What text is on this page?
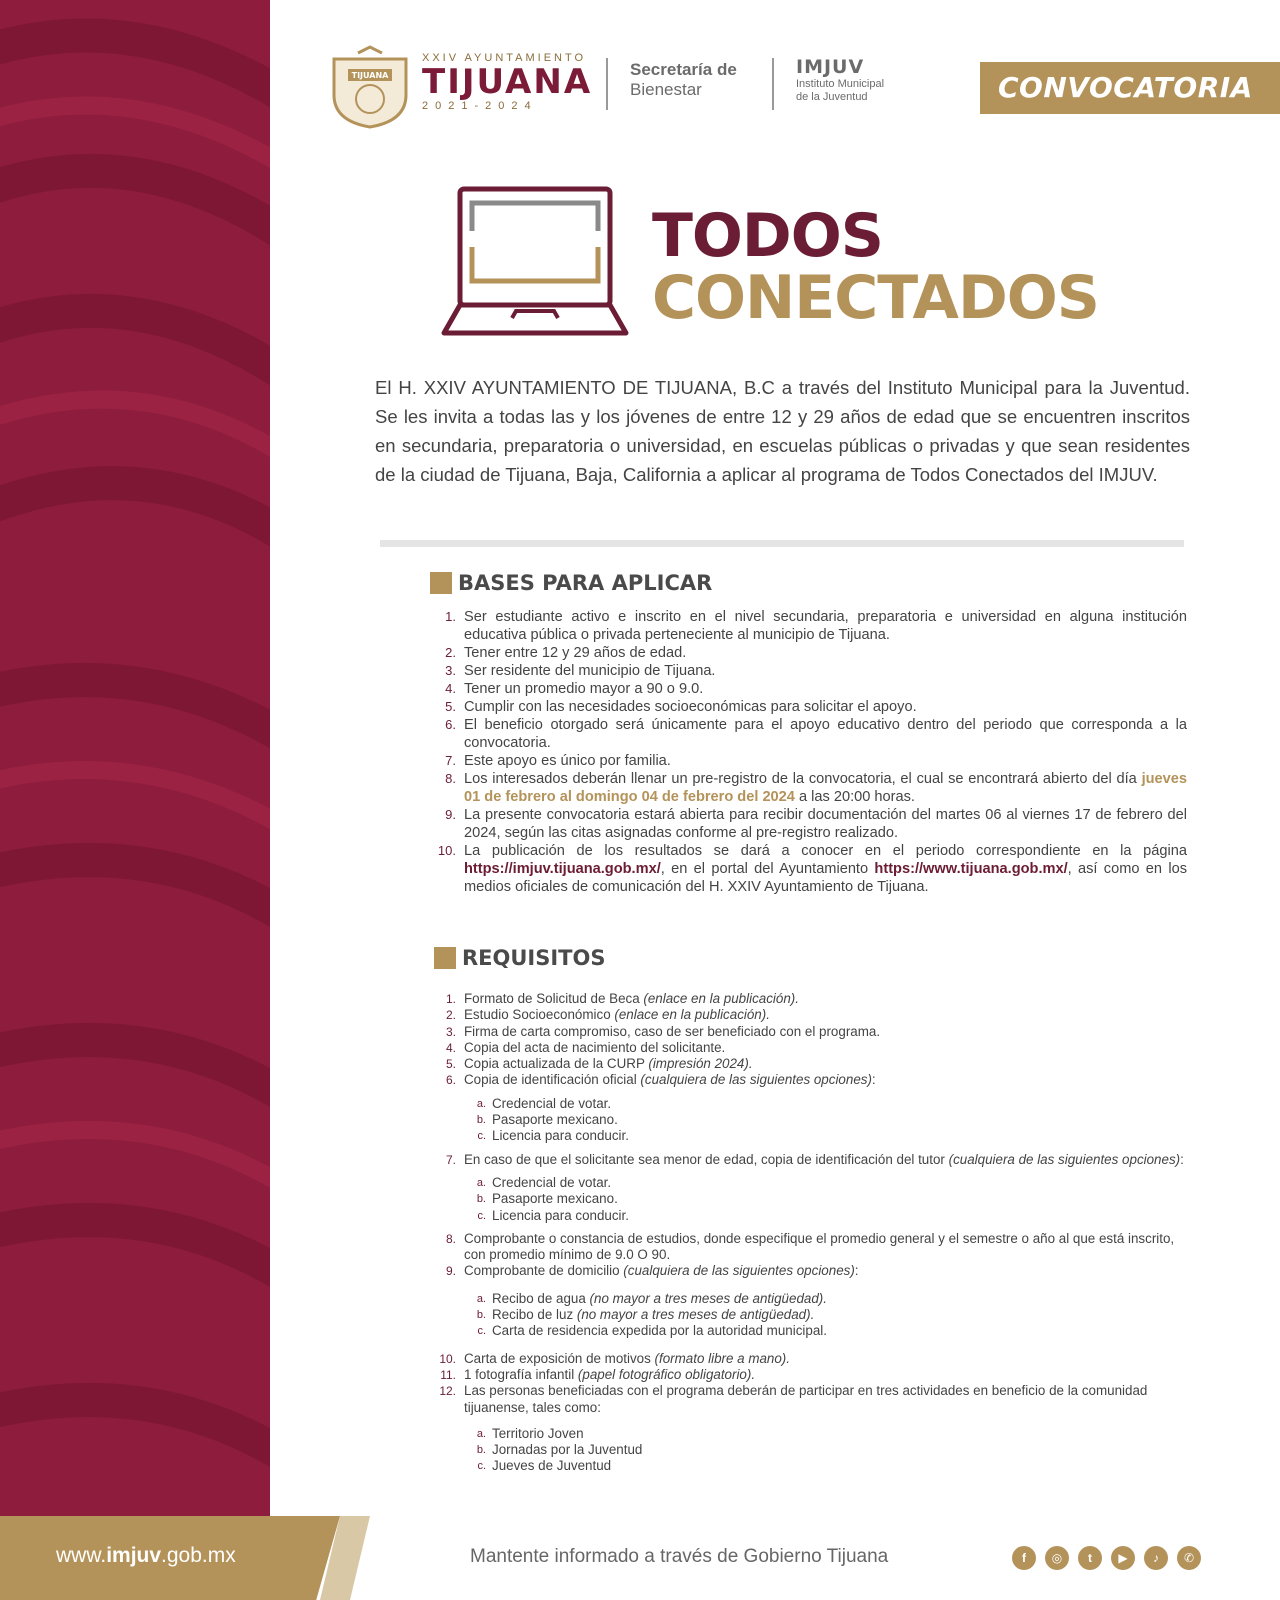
TIJUANA
XXIV AYUNTAMIENTO
TIJUANA
2021-2024
Secretaría de
Bienestar
IMJUV
Instituto Municipal
de la Juventud	CONVOCATORIA
TODOS
CONECTADOS

El H. XXIV AYUNTAMIENTO DE TIJUANA, B.C a través del Instituto Municipal para la Juventud. Se les invita a todas las y los jóvenes de entre 12 y 29 años de edad que se encuentren inscritos en secundaria, preparatoria o universidad, en escuelas públicas o privadas y que sean residentes de la ciudad de Tijuana, Baja, California a aplicar al programa de Todos Conectados del IMJUV.

BASES PARA APLICAR
1. Ser estudiante activo e inscrito en el nivel secundaria, preparatoria e universidad en alguna institución educativa pública o privada perteneciente al municipio de Tijuana.
2. Tener entre 12 y 29 años de edad.
3. Ser residente del municipio de Tijuana.
4. Tener un promedio mayor a 90 o 9.0.
5. Cumplir con las necesidades socioeconómicas para solicitar el apoyo.
6. El beneficio otorgado será únicamente para el apoyo educativo dentro del periodo que corresponda a la convocatoria.
7. Este apoyo es único por familia.
8. Los interesados deberán llenar un pre-registro de la convocatoria, el cual se encontrará abierto del día jueves 01 de febrero al domingo 04 de febrero del 2024 a las 20:00 horas.
9. La presente convocatoria estará abierta para recibir documentación del martes 06 al viernes 17 de febrero del 2024, según las citas asignadas conforme al pre-registro realizado.
10. La publicación de los resultados se dará a conocer en el periodo correspondiente en la página https://imjuv.tijuana.gob.mx/, en el portal del Ayuntamiento https://www.tijuana.gob.mx/, así como en los medios oficiales de comunicación del H. XXIV Ayuntamiento de Tijuana.
REQUISITOS
1. Formato de Solicitud de Beca (enlace en la publicación).
2. Estudio Socioeconómico (enlace en la publicación).
3. Firma de carta compromiso, caso de ser beneficiado con el programa.
4. Copia del acta de nacimiento del solicitante.
5. Copia actualizada de la CURP (impresión 2024).
6. Copia de identificación oficial (cualquiera de las siguientes opciones):
a. Credencial de votar.
b. Pasaporte mexicano.
c. Licencia para conducir.
7. En caso de que el solicitante sea menor de edad, copia de identificación del tutor (cualquiera de las siguientes opciones):
a. Credencial de votar.
b. Pasaporte mexicano.
c. Licencia para conducir.
8. Comprobante o constancia de estudios, donde especifique el promedio general y el semestre o año al que está inscrito, con promedio mínimo de 9.0 O 90.
9. Comprobante de domicilio (cualquiera de las siguientes opciones):
a. Recibo de agua (no mayor a tres meses de antigüedad).
b. Recibo de luz (no mayor a tres meses de antigüedad).
c. Carta de residencia expedida por la autoridad municipal.
10. Carta de exposición de motivos (formato libre a mano).
11. 1 fotografía infantil (papel fotográfico obligatorio).
12. Las personas beneficiadas con el programa deberán de participar en tres actividades en beneficio de la comunidad tijuanense, tales como:
a. Territorio Joven
b. Jornadas por la Juventud
c. Jueves de Juventud
www.imjuv.gob.mx	Mantente informado a través de Gobierno Tijuana	f	◎	t	▶	♪	✆
